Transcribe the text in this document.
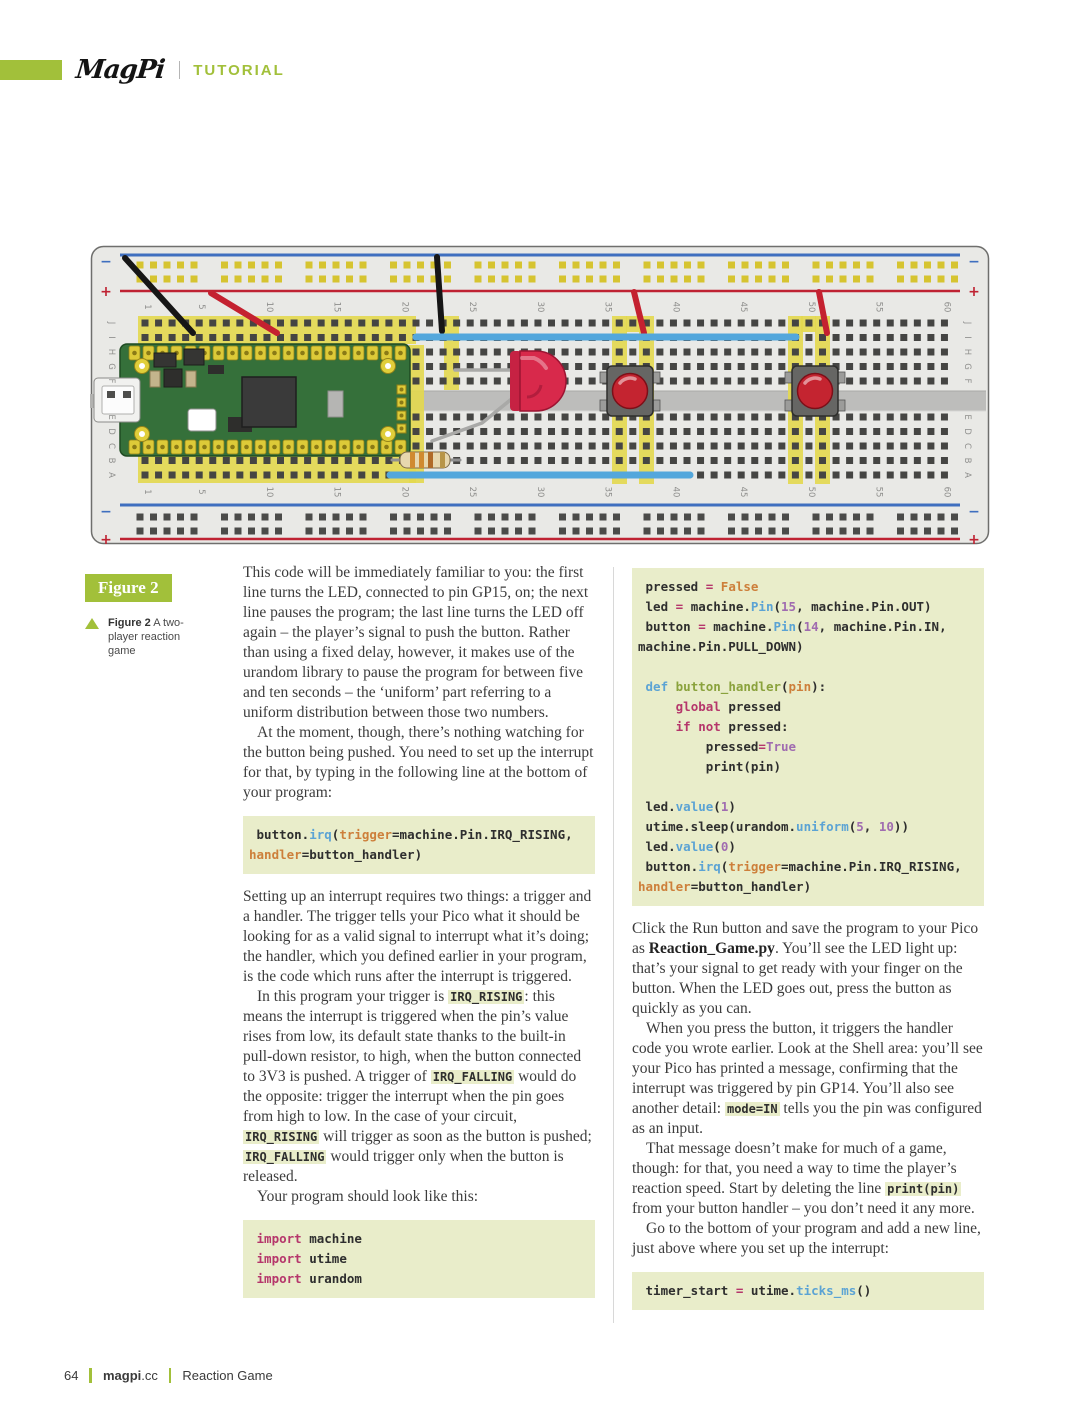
MagPi TUTORIAL
1
1
5
5
10
10
15
15
20
20
25
25
30
30
35
35
40
40
45
45
50
50
55
55
60
60
J	J
I	I
H	H
G	G
F	F
E	E
D	D
C	C
B	B
A	A
−	−
+	+
−	−
+	+
Figure 2
Figure 2 A two-player reaction game

This code will be immediately familiar to you: the first line turns the LED, connected to pin GP15, on; the next line pauses the program; the last line turns the LED off again – the player’s signal to push the button. Rather than using a fixed delay, however, it makes use of the urandom library to pause the program for between five and ten seconds – the ‘uniform’ part referring to a uniform distribution between those two numbers.

At the moment, though, there’s nothing watching for the button being pushed. You need to set up the interrupt for that, by typing in the following line at the bottom of your program:

button.irq(trigger=machine.Pin.IRQ_RISING,
handler=button_handler)

Setting up an interrupt requires two things: a trigger and a handler. The trigger tells your Pico what it should be looking for as a valid signal to interrupt what it’s doing; the handler, which you defined earlier in your program, is the code which runs after the interrupt is triggered.

In this program your trigger is IRQ_RISING : this means the interrupt is triggered when the pin’s value rises from low, its default state thanks to the built-in pull-down resistor, to high, when the button connected to 3V3 is pushed. A trigger of IRQ_FALLING would do the opposite: trigger the interrupt when the pin goes from high to low. In the case of your circuit, IRQ_RISING will trigger as soon as the button is pushed; IRQ_FALLING would trigger only when the button is released.

Your program should look like this:

import machine
import utime
import urandom
pressed = False
led = machine.Pin(15, machine.Pin.OUT)
button = machine.Pin(14, machine.Pin.IN,
machine.Pin.PULL_DOWN)

def button_handler(pin):
global pressed
if not pressed:
pressed=True
print(pin)

led.value(1)
utime.sleep(urandom.uniform(5, 10))
led.value(0)
button.irq(trigger=machine.Pin.IRQ_RISING,
handler=button_handler)

Click the Run button and save the program to your Pico as Reaction_Game.py. You’ll see the LED light up: that’s your signal to get ready with your finger on the button. When the LED goes out, press the button as quickly as you can.

When you press the button, it triggers the handler code you wrote earlier. Look at the Shell area: you’ll see your Pico has printed a message, confirming that the interrupt was triggered by pin GP14. You’ll also see another detail: mode=IN tells you the pin was configured as an input.

That message doesn’t make for much of a game, though: for that, you need a way to time the player’s reaction speed. Start by deleting the line print(pin) from your button handler – you don’t need it any more.

Go to the bottom of your program and add a new line, just above where you set up the interrupt:

timer_start = utime.ticks_ms()
64 magpi.cc Reaction Game
